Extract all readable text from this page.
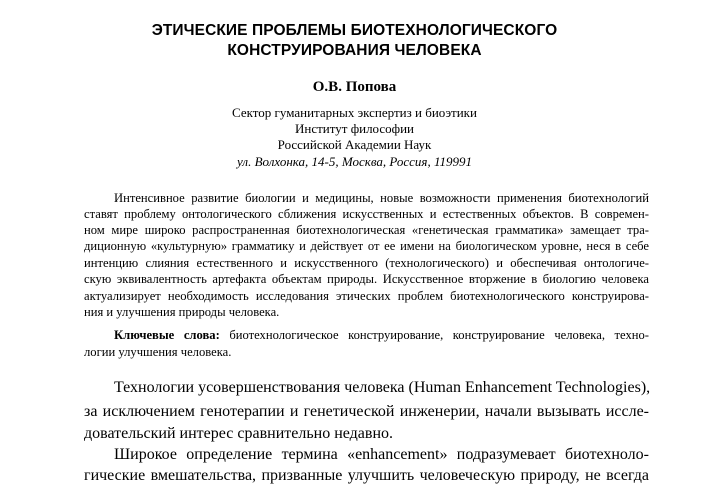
ЭТИЧЕСКИЕ ПРОБЛЕМЫ БИОТЕХНОЛОГИЧЕСКОГО
КОНСТРУИРОВАНИЯ ЧЕЛОВЕКА
О.В. Попова
Сектор гуманитарных экспертиз и биоэтики
Институт философии
Российской Академии Наук
ул. Волхонка, 14-5, Москва, Россия, 119991
Интенсивное развитие биологии и медицины, новые возможности применения биотехнологий
ставят проблему онтологического сближения искусственных и естественных объектов. В современ-
ном мире широко распространенная биотехнологическая «генетическая грамматика» замещает тра-
диционную «культурную» грамматику и действует от ее имени на биологическом уровне, неся в себе
интенцию слияния естественного и искусственного (технологического) и обеспечивая онтологиче-
скую эквивалентность артефакта объектам природы. Искусственное вторжение в биологию человека
актуализирует необходимость исследования этических проблем биотехнологического конструирова-
ния и улучшения природы человека.
Ключевые слова: биотехнологическое конструирование, конструирование человека, техно-
логии улучшения человека.
Технологии усовершенствования человека (Human Enhancement Technologies),
за исключением генотерапии и генетической инженерии, начали вызывать иссле-
довательский интерес сравнительно недавно.
Широкое определение термина «enhancement» подразумевает биотехноло-
гические вмешательства, призванные улучшить человеческую природу, не всегда
